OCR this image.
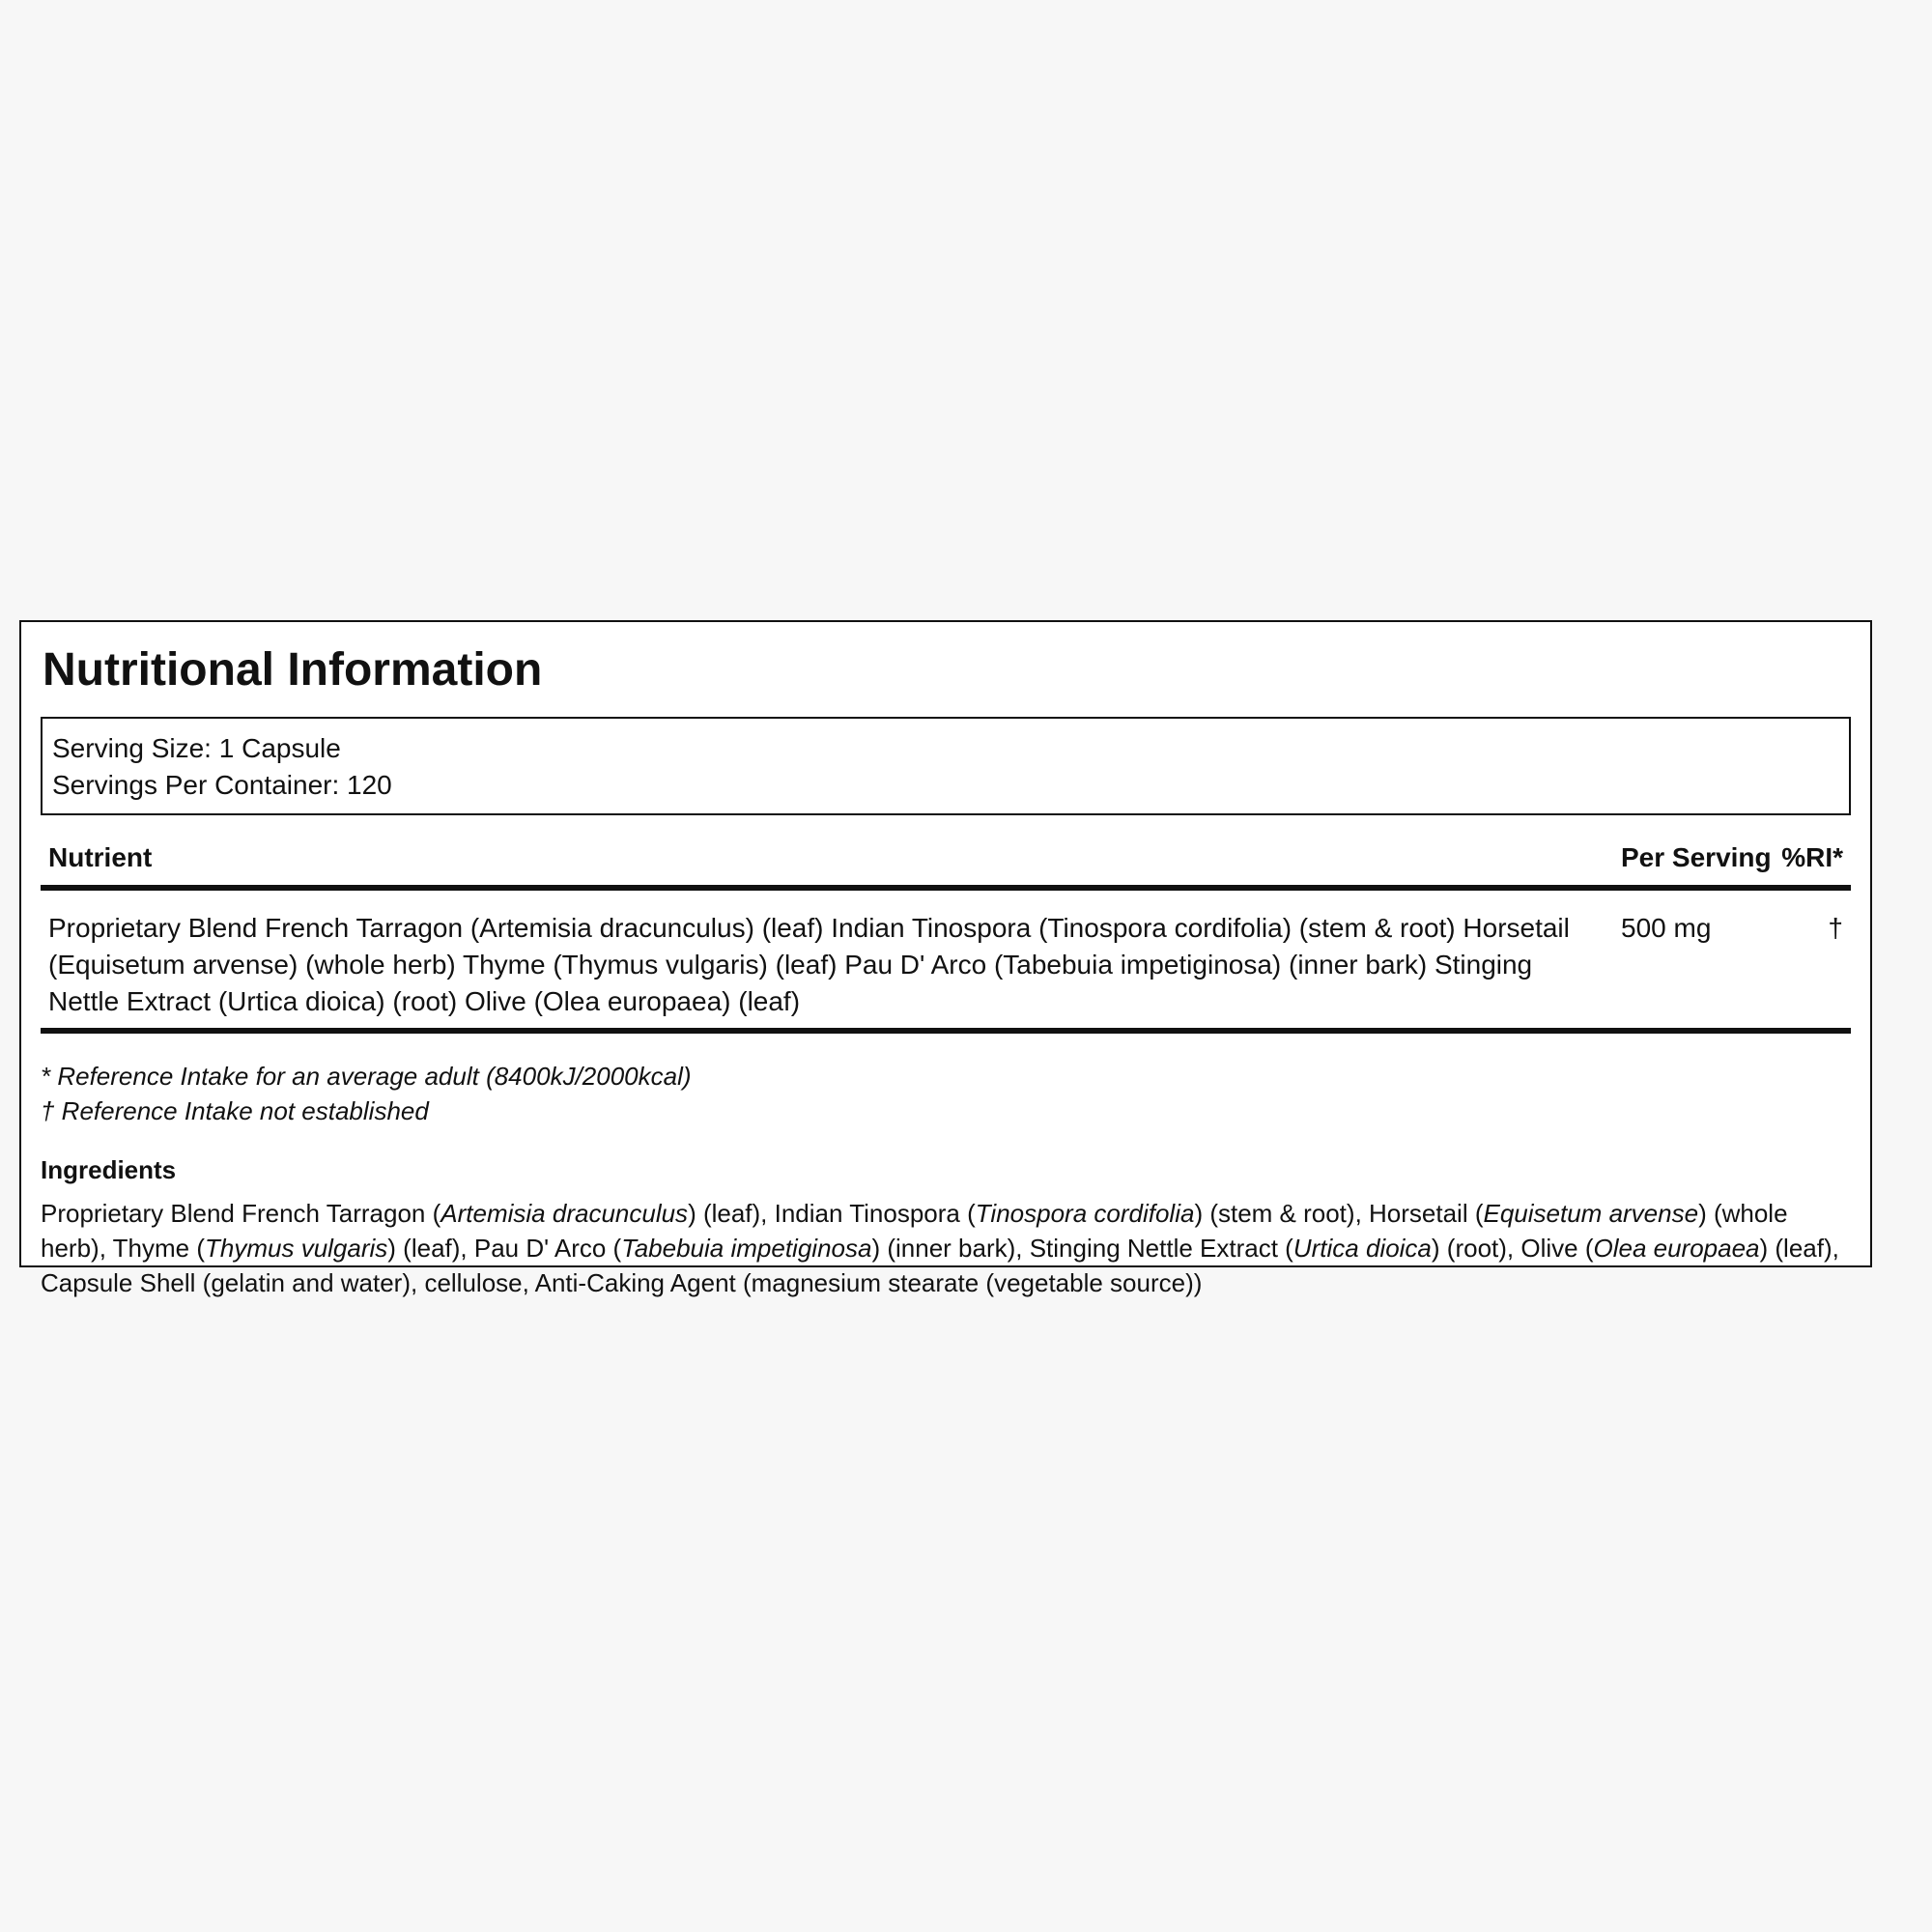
Nutritional Information
Serving Size: 1 Capsule
Servings Per Container: 120
Nutrient	Per Serving %RI*
Proprietary Blend French Tarragon (Artemisia dracunculus) (leaf) Indian Tinospora (Tinospora cordifolia) (stem & root) Horsetail (Equisetum arvense) (whole herb) Thyme (Thymus vulgaris) (leaf) Pau D' Arco (Tabebuia impetiginosa) (inner bark) Stinging Nettle Extract (Urtica dioica) (root) Olive (Olea europaea) (leaf)
500 mg	†
* Reference Intake for an average adult (8400kJ/2000kcal)
† Reference Intake not established
Ingredients
Proprietary Blend French Tarragon (Artemisia dracunculus) (leaf), Indian Tinospora (Tinospora cordifolia) (stem & root), Horsetail (Equisetum arvense) (whole herb), Thyme (Thymus vulgaris) (leaf), Pau D' Arco (Tabebuia impetiginosa) (inner bark), Stinging Nettle Extract (Urtica dioica) (root), Olive (Olea europaea) (leaf), Capsule Shell (gelatin and water), cellulose, Anti-Caking Agent (magnesium stearate (vegetable source))
